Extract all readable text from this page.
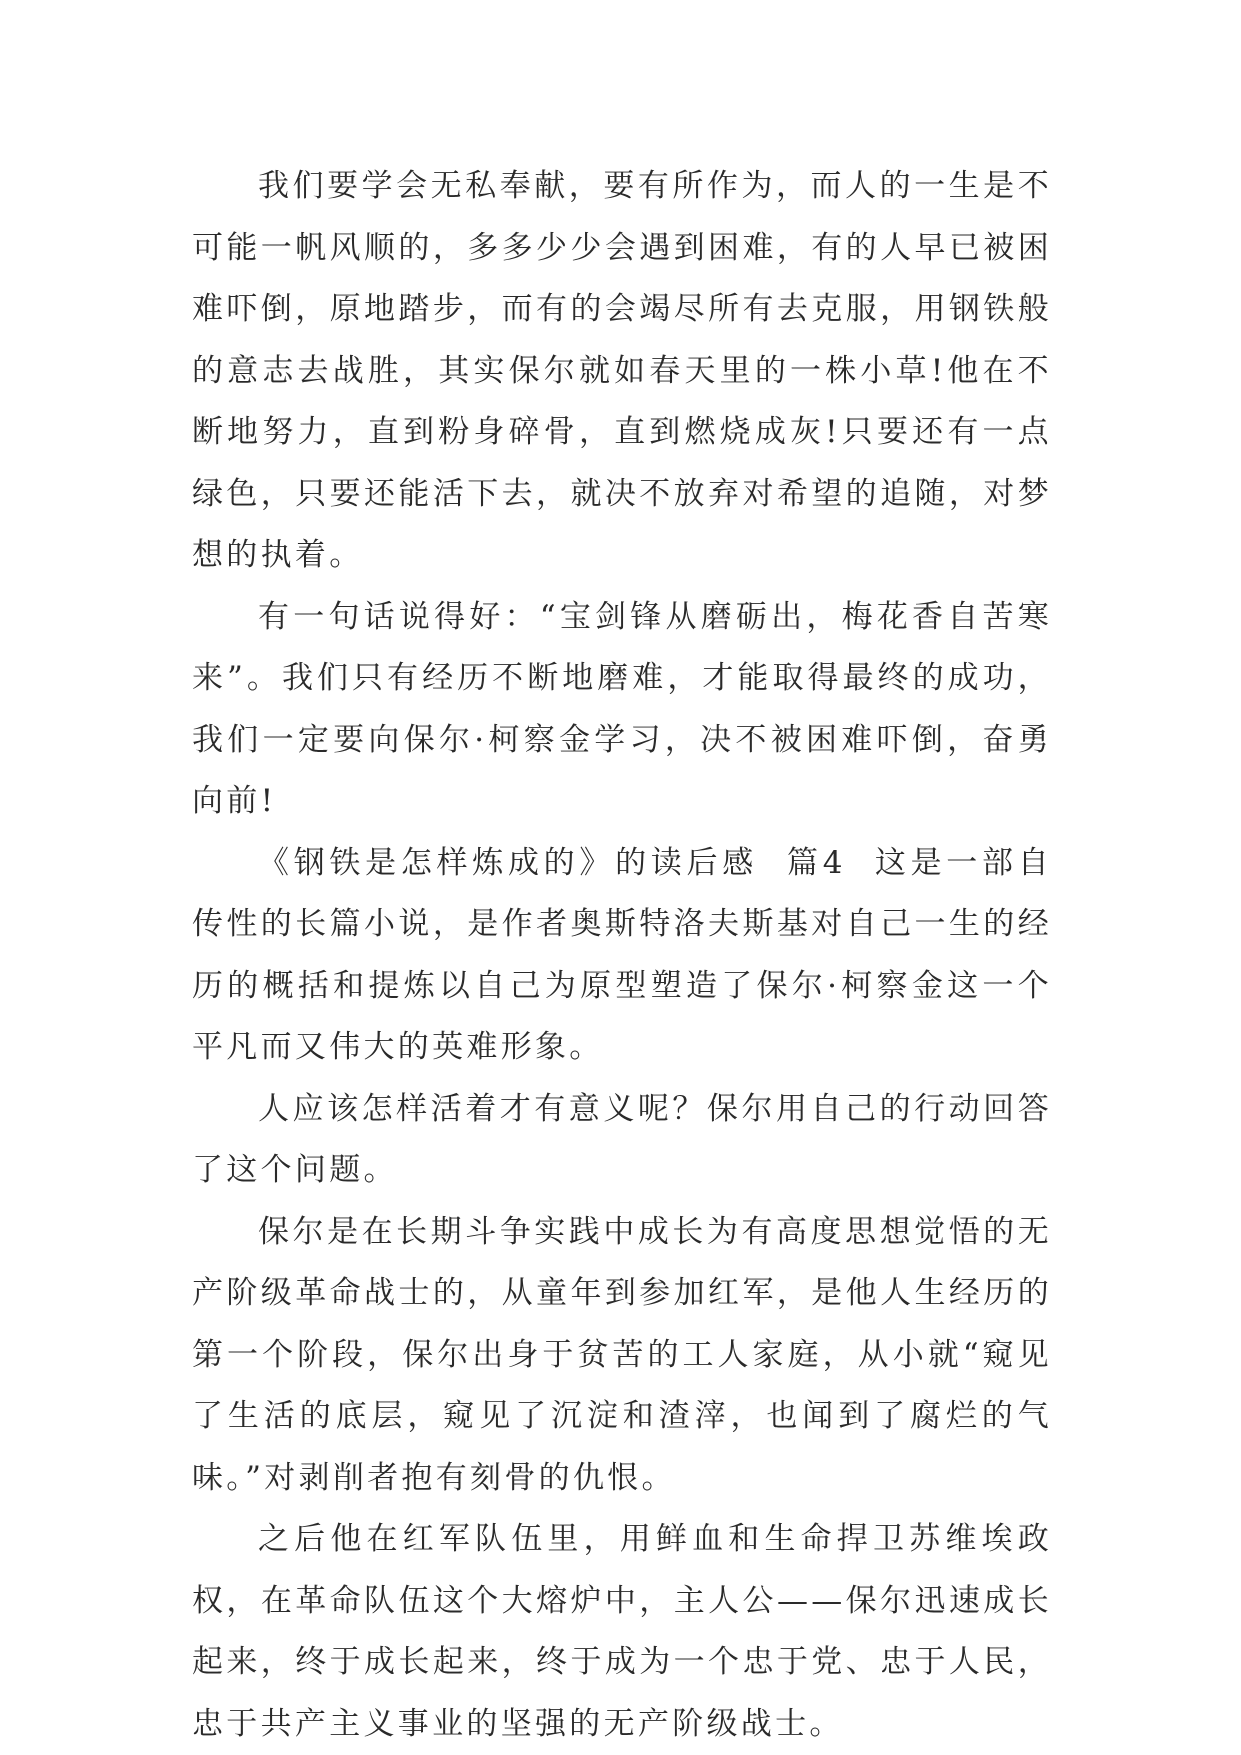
我们要学会无私奉献，要有所作为，而人的一生是不可能一帆风顺的，多多少少会遇到困难，有的人早已被困难吓倒，原地踏步，而有的会竭尽所有去克服，用钢铁般的意志去战胜，其实保尔就如春天里的一株小草!他在不断地努力，直到粉身碎骨，直到燃烧成灰!只要还有一点绿色，只要还能活下去，就决不放弃对希望的追随，对梦想的执着。

有一句话说得好：“宝剑锋从磨砺出，梅花香自苦寒来”。我们只有经历不断地磨难，才能取得最终的成功，我们一定要向保尔·柯察金学习，决不被困难吓倒，奋勇向前!

《钢铁是怎样炼成的》的读后感  篇4  这是一部自传性的长篇小说，是作者奥斯特洛夫斯基对自己一生的经历的概括和提炼以自己为原型塑造了保尔·柯察金这一个平凡而又伟大的英难形象。

人应该怎样活着才有意义呢？保尔用自己的行动回答了这个问题。

保尔是在长期斗争实践中成长为有高度思想觉悟的无产阶级革命战士的，从童年到参加红军，是他人生经历的第一个阶段，保尔出身于贫苦的工人家庭，从小就“窥见了生活的底层，窥见了沉淀和渣滓，也闻到了腐烂的气味。”对剥削者抱有刻骨的仇恨。

之后他在红军队伍里，用鲜血和生命捍卫苏维埃政权，在革命队伍这个大熔炉中，主人公——保尔迅速成长起来，终于成长起来，终于成为一个忠于党、忠于人民，忠于共产主义事业的坚强的无产阶级战士。
